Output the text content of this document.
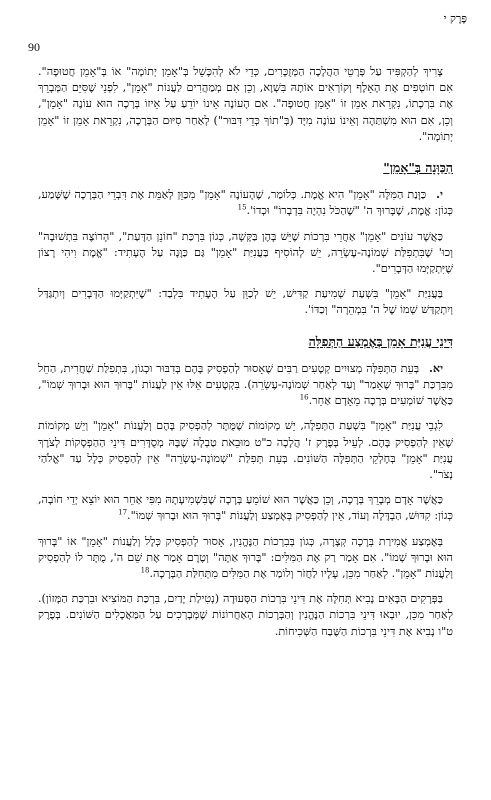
90
פֶּרֶק י

צָרִיךְ לְהַקְפִּיד עַל פְּרָטֵי הַהֲלָכָה הַמְּזֻכָּרִים, כְּדֵי לֹא לְהִכָּשֵׁל בְּ"אָמֵן יְתוֹמָה" אוֹ בְּ"אָמֵן חֲטוּפָה". אִם חוֹטְפִים אֶת הָאָלֶף וְקוֹרְאִים אוֹתָהּ בִּשְׁוָא, וְכֵן אִם מְמַהֲרִים לַעֲנוֹת "אָמֵן", לִפְנֵי שֶׁסִּיֵּם הַמְּבָרֵךְ אֶת בִּרְכָתוֹ, נִקְרֵאת אָמֵן זוֹ "אָמֵן חֲטוּפָה". אִם הָעוֹנֶה אֵינוֹ יוֹדֵעַ עַל אֵיזוֹ בְּרָכָה הוּא עוֹנֶה "אָמֵן", וְכֵן, אִם הוּא מִשְׁתַּהֶה וְאֵינוֹ עוֹנֶה מִיָּד (בְּ"תוֹךְ כְּדֵי דִּבּוּר") לְאַחַר סִיּוּם הַבְּרָכָה, נִקְרֵאת אָמֵן זוֹ "אָמֵן יְתוֹמָה".

הַכַּוָּנָה בְּ"אָמֵן"

י. כַּוָּנַת הַמִּלָּה "אָמֵן" הִיא אֱמֶת. כְּלוֹמַר, שֶׁהָעוֹנֶה "אָמֵן" מִכַּוֵּן לְאַמֵּת אֶת דִּבְרֵי הַבְּרָכָה שֶׁשָּׁמַע, כְּגוֹן: אֱמֶת, שֶׁבָּרוּךְ ה' "שֶׁהַכֹּל נִהְיֶה בִּדְבָרוֹ" וּכְדוֹ'.$^{15}$

כַּאֲשֶׁר עוֹנִים "אָמֵן" אַחֲרֵי בִּרְכוֹת שֶׁיֵּשׁ בָּהֶן בַּקָּשָׁה, כְּגוֹן בִּרְכַּת "חוֹנֵן הַדָּעַת", "הָרוֹצֶה בִּתְשׁוּבָה" וְכוּ' שֶׁבִּתְפִלַּת שְׁמוֹנֶה-עֶשְׂרֵה, יֵשׁ לְהוֹסִיף בַּעֲנִיַּת "אָמֵן" גַּם כַּוָּנָה עַל הֶעָתִיד: "אֱמֶת וִיהִי רָצוֹן שֶׁיִּתְקַיְּמוּ הַדְּבָרִים".

בַּעֲנִיַּת "אָמֵן" בִּשְׁעַת שְׁמִיעַת קַדִּישׁ, יֵשׁ לְכַוֵּן עַל הֶעָתִיד בִּלְבַד: "שֶׁיִּתְקַיְּמוּ הַדְּבָרִים וְיִתְגַּדַּל וְיִתְקַדַּשׁ שְׁמוֹ שֶׁל ה' בִּמְהֵרָה" וְכַדּוֹ'.

דִּינֵי עֲנִיַּת אָמֵן בְּאֶמְצַע הַתְּפִלָּה

יא. בְּעֵת הַתְּפִלָּה מְצוּיִים קְטָעִים רַבִּים שֶׁאָסוּר לְהַפְסִיק בָּהֶם בְּדִבּוּר וּכְגוֹן, בִּתְפִלַּת שַׁחֲרִית, הַחֵל מִבִּרְכַּת "בָּרוּךְ שֶׁאָמַר" וְעַד לְאַחַר שְׁמוֹנֶה-עֶשְׂרֵה). בִּקְטָעִים אֵלּוּ אֵין לַעֲנוֹת "בָּרוּךְ הוּא וּבָרוּךְ שְׁמוֹ", כַּאֲשֶׁר שׁוֹמְעִים בְּרָכָה מֵאָדָם אַחֵר.$^{16}$

לִגְבֵי עֲנִיַּת "אָמֵן" בִּשְׁעַת הַתְּפִלָּה, יֵשׁ מְקוֹמוֹת שֶׁמֻּתָּר לְהַפְסִיק בָּהֶם וְלַעֲנוֹת "אָמֵן" וְיֵשׁ מְקוֹמוֹת שֶׁאֵין לְהַפְסִיק בָּהֶם. לְעֵיל בְּפֶרֶק ז' הֲלָכָה כ"ט מוּבֵאת טַבְלָה שֶׁבָּהּ מְסֻדָּרִים דִּינֵי הַהַפְסָקוֹת לְצֹרֶךְ עֲנִיַּת "אָמֵן" בְּחֶלְקֵי הַתְּפִלָּה הַשּׁוֹנִים. בְּעֵת תְּפִלַּת "שְׁמוֹנֶה-עֶשְׂרֵה" אֵין לְהַפְסִיק כְּלָל עַד "אֱלֹהַי נְצֹר".

כַּאֲשֶׁר אָדָם מְבָרֵךְ בְּרָכָה, וְכֵן כַּאֲשֶׁר הוּא שׁוֹמֵעַ בְּרָכָה שֶׁבִּשְׁמִיעָתָהּ מִפִּי אַחֵר הוּא יוֹצֵא יְדֵי חוֹבָה, כְּגוֹן: קִדּוּשׁ, הַבְדָּלָה וְעוֹד, אֵין לְהַפְסִיק בְּאֶמְצַע וְלַעֲנוֹת "בָּרוּךְ הוּא וּבָרוּךְ שְׁמוֹ".$^{17}$

בְּאֶמְצַע אֲמִירַת בְּרָכָה קְצָרָה, כְּגוֹן בְּבִרְכוֹת הַנֶּהֱנִין, אָסוּר לְהַפְסִיק כְּלָל וְלַעֲנוֹת "אָמֵן" אוֹ "בָּרוּךְ הוּא וּבָרוּךְ שְׁמוֹ". אִם אָמַר רַק אֶת הַמִּלִּים: "בָּרוּךְ אַתָּה" וְטֶרֶם אָמַר אֶת שֵׁם ה', מֻתָּר לוֹ לְהַפְסִיק וְלַעֲנוֹת "אָמֵן". לְאַחַר מִכֵּן, עָלָיו לַחֲזֹר וְלוֹמַר אֶת הַמִּלִּים מִתְּחִלַּת הַבְּרָכָה.$^{18}$

בַּפְּרָקִים הַבָּאִים נָבִיא תְּחִלָּה אֶת דִּינֵי בִּרְכוֹת הַסְּעוּדָה (נְטִילַת יָדַיִם, בִּרְכַּת הַמּוֹצִיא וּבִרְכַּת הַמָּזוֹן). לְאַחַר מִכֵּן, יוּבְאוּ דִּינֵי בִּרְכוֹת הַנֶּהֱנִין וְהַבְּרָכוֹת הָאַחֲרוֹנוֹת שֶׁמְּבָרְכִים עַל הַמַּאֲכָלִים הַשּׁוֹנִים. בְּפֶרֶק ט"ו נָבִיא אֶת דִּינֵי בִּרְכוֹת הַשֶּׁבַח הַשְּׁכִיחוֹת.
